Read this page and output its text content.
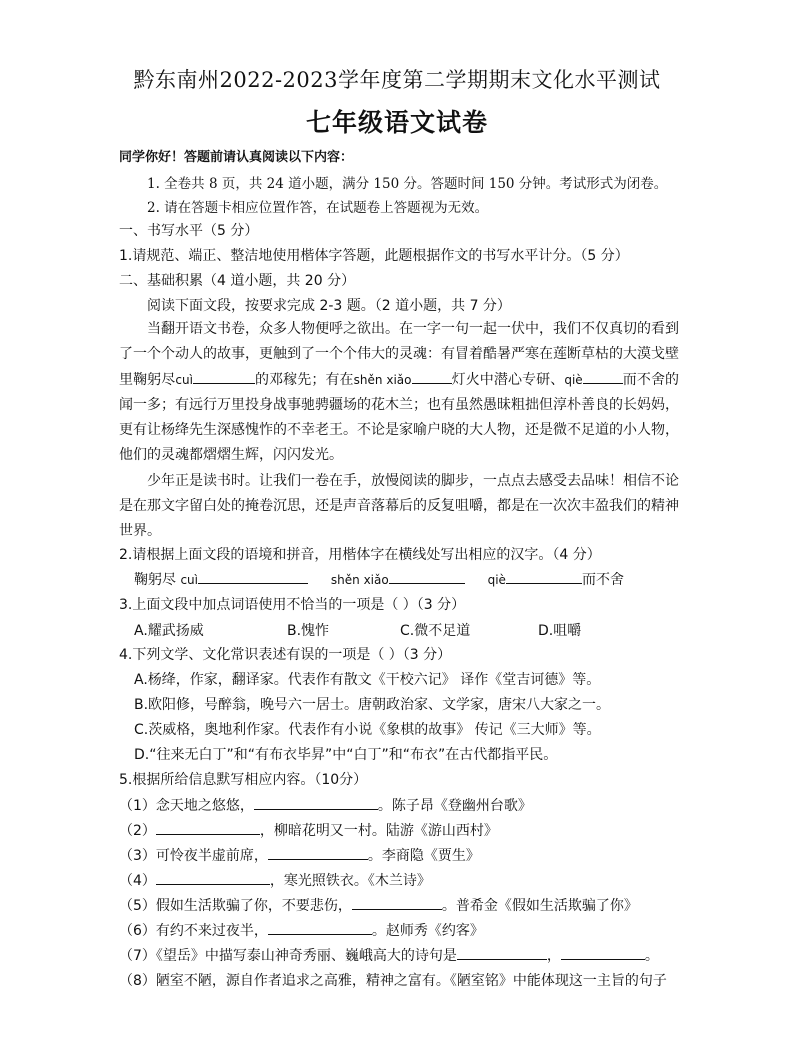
黔东南州2022-2023学年度第二学期期末文化水平测试
七年级语文试卷
同学你好！答题前请认真阅读以下内容：
1. 全卷共 8 页，共 24 道小题，满分 150 分。答题时间 150 分钟。考试形式为闭卷。
2. 请在答题卡相应位置作答，在试题卷上答题视为无效。
一、书写水平（5 分）
1.请规范、端正、整洁地使用楷体字答题，此题根据作文的书写水平计分。（5 分）
二、基础积累（4 道小题，共 20 分）
阅读下面文段，按要求完成 2-3 题。（2 道小题，共 7 分）

当翻开语文书卷，众多人物便呼之欲出。在一字一句一起一伏中，我们不仅真切的看到了一个个动人的故事，更触到了一个个伟大的灵魂：有冒着酷暑严寒在莲断草枯的大漠戈壁里鞠躬尽cuì	的邓稼先；有在shěn xiǎo	灯火中潜心专研、qiè	而不舍的闻一多；有远行万里投身战事驰骋疆场的花木兰；也有虽然愚昧粗拙但淳朴善良的长妈妈，更有让杨绛先生深感愧怍的不幸老王。不论是家喻户晓的大人物，还是微不足道的小人物，他们的灵魂都熠熠生辉，闪闪发光。

少年正是读书时。让我们一卷在手，放慢阅读的脚步，一点点去感受去品味！相信不论是在那文字留白处的掩卷沉思，还是声音落幕后的反复咀嚼，都是在一次次丰盈我们的精神世界。

2.请根据上面文段的语境和拼音，用楷体字在横线处写出相应的汉字。（4 分）
鞠躬尽 cuì	shěn xiǎo	qiè	而不舍
3.上面文段中加点词语使用不恰当的一项是（ ）（3 分）
A.耀武扬威	B.愧怍	C.微不足道	D.咀嚼
4.下列文学、文化常识表述有误的一项是（ ）（3 分）
A.杨绛，作家，翻译家。代表作有散文《干校六记》 译作《堂吉诃德》等。
B.欧阳修，号醉翁，晚号六一居士。唐朝政治家、文学家，唐宋八大家之一。
C.茨威格，奥地利作家。代表作有小说《象棋的故事》 传记《三大师》等。
D.“往来无白丁”和“有布衣毕昇”中“白丁”和“布衣”在古代都指平民。
5.根据所给信息默写相应内容。（10分）
（1）念天地之悠悠，	。陈子昂《登幽州台歌》
（2）	，柳暗花明又一村。陆游《游山西村》
（3）可怜夜半虚前席，	。李商隐《贾生》
（4）	，寒光照铁衣。《木兰诗》
（5）假如生活欺骗了你，不要悲伤，	。普希金《假如生活欺骗了你》
（6）有约不来过夜半，	。赵师秀《约客》
（7）《望岳》中描写泰山神奇秀丽、巍峨高大的诗句是	，	。
（8）陋室不陋，源自作者追求之高雅，精神之富有。《陋室铭》中能体现这一主旨的句子
